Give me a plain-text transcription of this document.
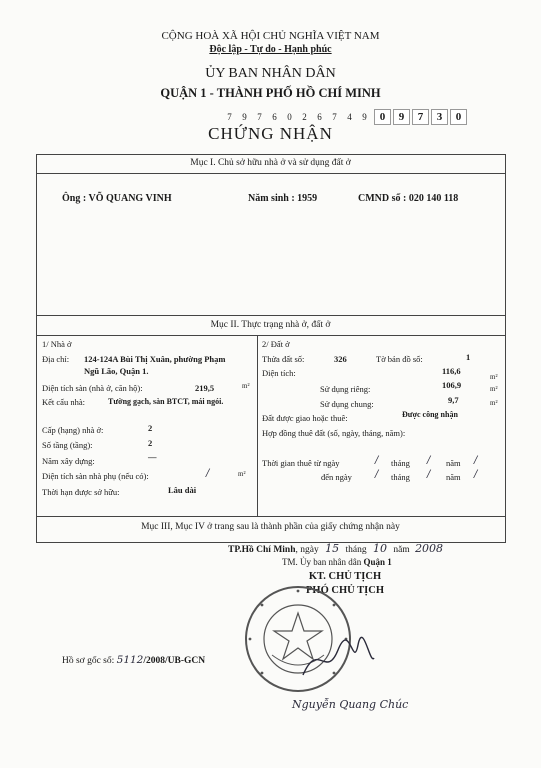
CỘNG HOÀ XÃ HỘI CHỦ NGHĨA VIỆT NAM
Độc lập - Tự do - Hạnh phúc
ỦY BAN NHÂN DÂN
QUẬN 1 - THÀNH PHỐ HỒ CHÍ MINH
7 9 7 6 0 2 6 7 4 9 0 9 7 3 0
CHỨNG NHẬN
Mục I. Chủ sở hữu nhà ở và sử dụng đất ở
Ông : VÕ QUANG VINH	Năm sinh : 1959	CMND số : 020 140 118
Mục II. Thực trạng nhà ở, đất ở
1/ Nhà ở
Địa chỉ: 124-124A Bùi Thị Xuân, phường Phạm
Ngũ Lão, Quận 1.
Diện tích sàn (nhà ở, căn hộ):	219,5	m²
Kết cấu nhà:	Tường gạch, sàn BTCT, mái ngói.
Cấp (hạng) nhà ở:	2
Số tầng (tầng):	2
Năm xây dựng:	—
Diện tích sàn nhà phụ (nếu có):	/	m²
Thời hạn được sở hữu:	Lâu dài
2/ Đất ở
Thửa đất số:	326	Tờ bản đồ số:	1
Diện tích:	116,6
m²
Sử dụng riêng:	106,9	m²
Sử dụng chung:	9,7	m²
Đất được giao hoặc thuê:	Được công nhận
Hợp đồng thuê đất (số, ngày, tháng, năm):
Thời gian thuê từ ngày	/ tháng / năm /
đến ngày / tháng / năm /
Mục III, Mục IV ở trang sau là thành phần của giấy chứng nhận này
TP.Hồ Chí Minh, ngày 15 tháng 10 năm 2008
TM. Ủy ban nhân dân Quận 1
KT. CHỦ TỊCH
PHÓ CHỦ TỊCH
Nguyễn Quang Chúc
Hồ sơ gốc số: 5112/2008/UB-GCN
